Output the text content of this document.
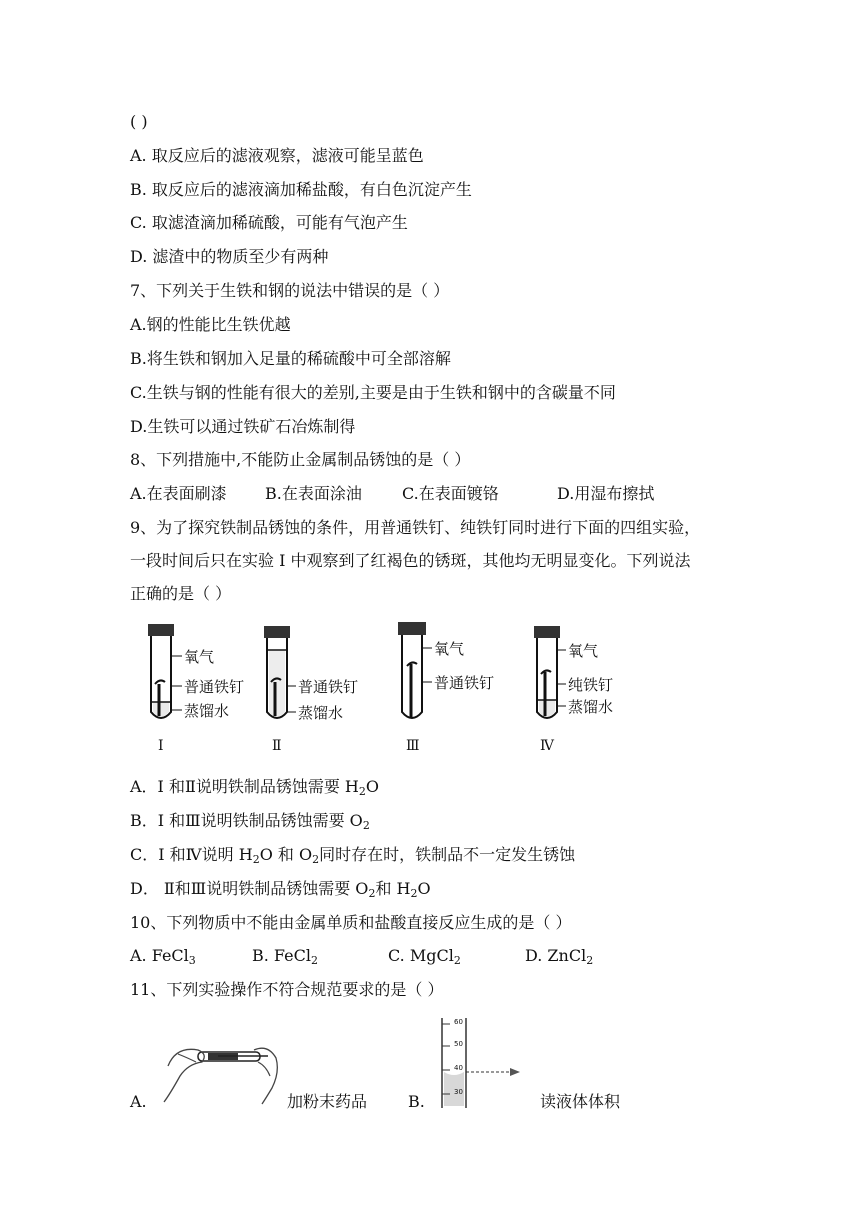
( )
A. 取反应后的滤液观察，滤液可能呈蓝色
B. 取反应后的滤液滴加稀盐酸，有白色沉淀产生
C. 取滤渣滴加稀硫酸，可能有气泡产生
D. 滤渣中的物质至少有两种
7、下列关于生铁和钢的说法中错误的是（ ）
A.钢的性能比生铁优越
B.将生铁和钢加入足量的稀硫酸中可全部溶解
C.生铁与钢的性能有很大的差别,主要是由于生铁和钢中的含碳量不同
D.生铁可以通过铁矿石冶炼制得
8、下列措施中,不能防止金属制品锈蚀的是（ ）
A.在表面刷漆 B.在表面涂油	C.在表面镀铬	D.用湿布擦拭
9、为了探究铁制品锈蚀的条件，用普通铁钉、纯铁钉同时进行下面的四组实验，
一段时间后只在实验 I 中观察到了红褐色的锈斑，其他均无明显变化。下列说法
正确的是（ ）
氧气
普通铁钉
蒸馏水
I
普通铁钉
蒸馏水
Ⅱ
氧气
普通铁钉
Ⅲ
氧气
纯铁钉
蒸馏水
Ⅳ
A．I 和Ⅱ说明铁制品锈蚀需要 $H_2O$
B．I 和Ⅲ说明铁制品锈蚀需要 $O_2$
C．I 和Ⅳ说明 $H_2O$ 和 $O_2$同时存在时，铁制品不一定发生锈蚀
D． Ⅱ和Ⅲ说明铁制品锈蚀需要 $O_2$和 $H_2O$
10、下列物质中不能由金属单质和盐酸直接反应生成的是（ ）
A. FeCl$_3$	B. FeCl$_2$	C. MgCl$_2$	D. ZnCl$_2$
11、下列实验操作不符合规范要求的是（ ）
A.	加粉末药品	B.
60
50
40
30	读液体体积
